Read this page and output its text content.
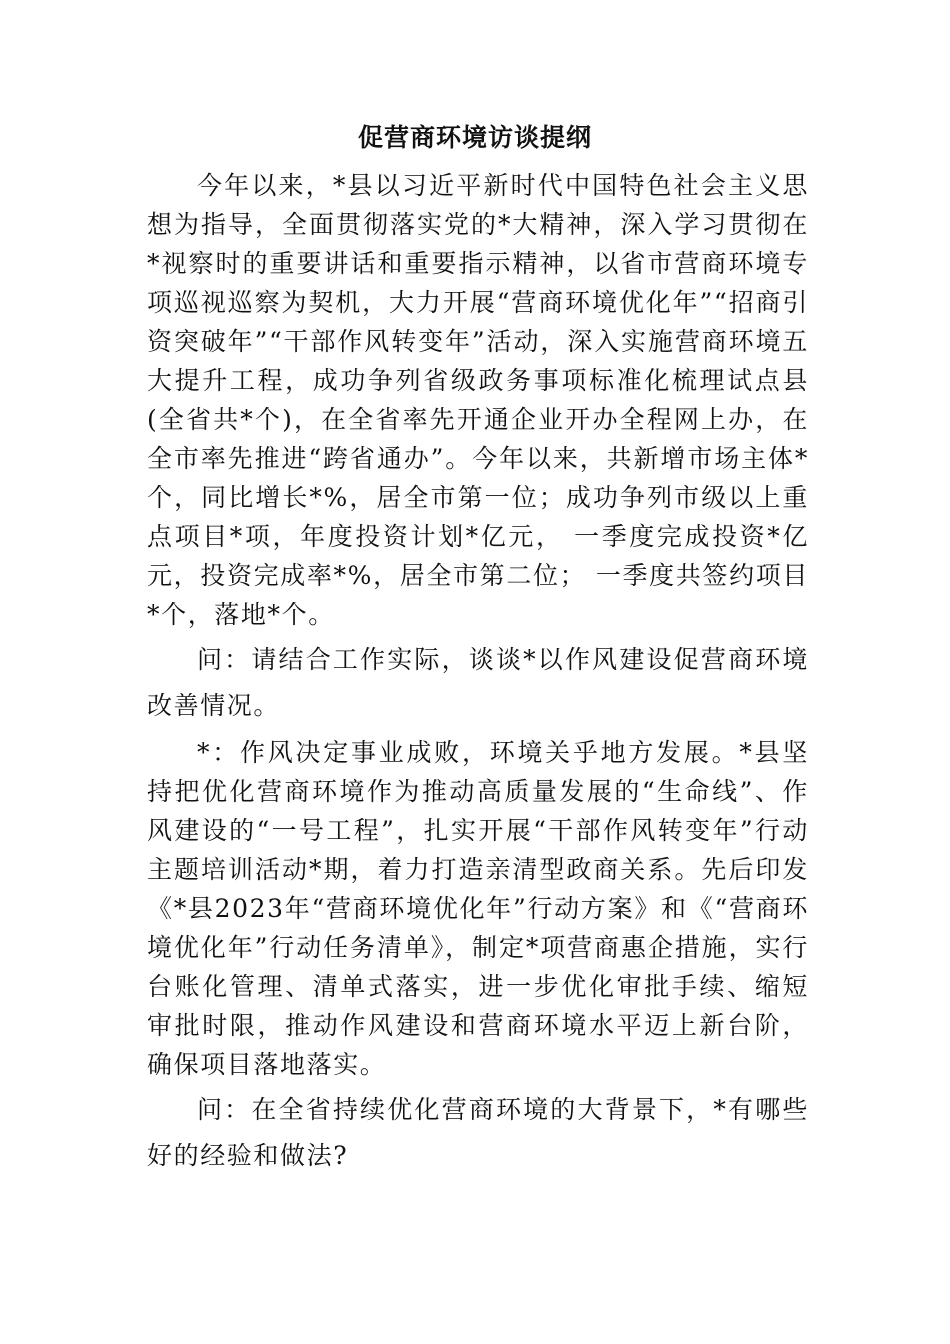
促营商环境访谈提纲

今年以来，*县以习近平新时代中国特色社会主义思想为指导，全面贯彻落实党的*大精神，深入学习贯彻在*视察时的重要讲话和重要指示精神，以省市营商环境专项巡视巡察为契机，大力开展“营商环境优化年”“招商引资突破年”“干部作风转变年”活动，深入实施营商环境五大提升工程，成功争列省级政务事项标准化梳理试点县(全省共*个)，在全省率先开通企业开办全程网上办，在全市率先推进“跨省通办”。今年以来，共新增市场主体*个，同比增长*%，居全市第一位；成功争列市级以上重点项目*项，年度投资计划*亿元， 一季度完成投资*亿元，投资完成率*%，居全市第二位； 一季度共签约项目*个，落地*个。

问：请结合工作实际，谈谈*以作风建设促营商环境改善情况。

*：作风决定事业成败，环境关乎地方发展。*县坚持把优化营商环境作为推动高质量发展的“生命线”、作风建设的“一号工程”，扎实开展“干部作风转变年”行动主题培训活动*期，着力打造亲清型政商关系。先后印发《*县2023年“营商环境优化年”行动方案》和《“营商环境优化年”行动任务清单》，制定*项营商惠企措施，实行台账化管理、清单式落实，进一步优化审批手续、缩短审批时限，推动作风建设和营商环境水平迈上新台阶，确保项目落地落实。

问：在全省持续优化营商环境的大背景下，*有哪些好的经验和做法?
